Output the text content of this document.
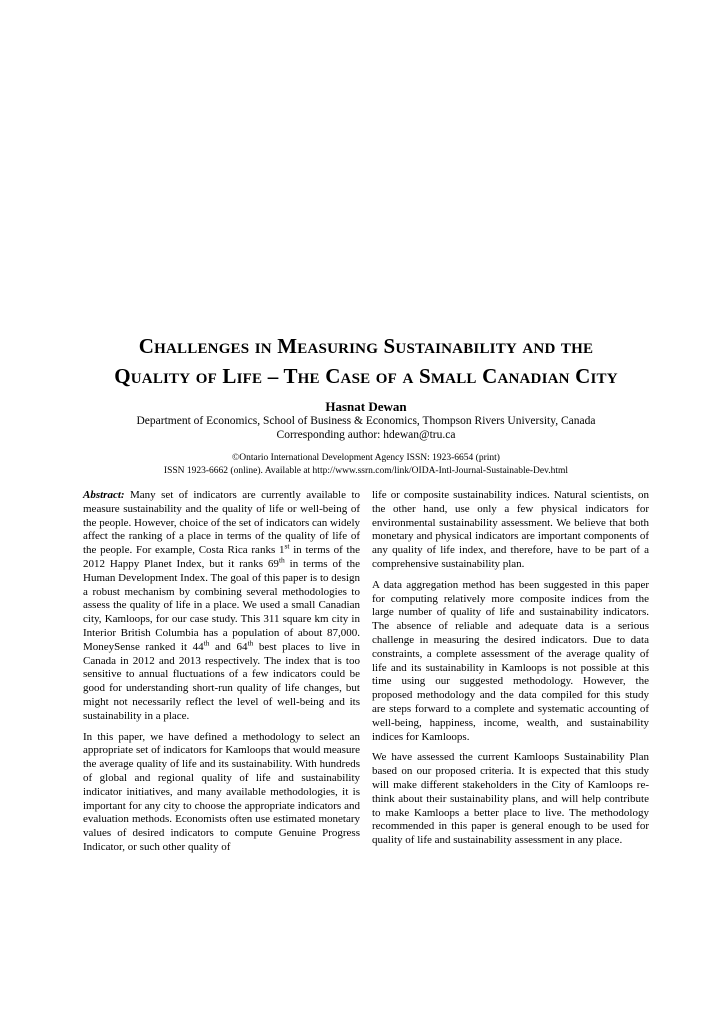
Challenges in Measuring Sustainability and the
Quality of Life – The Case of a Small Canadian City
Hasnat Dewan
Department of Economics, School of Business & Economics, Thompson Rivers University, Canada
Corresponding author: hdewan@tru.ca
©Ontario International Development Agency ISSN: 1923-6654 (print)
ISSN 1923-6662 (online). Available at http://www.ssrn.com/link/OIDA-Intl-Journal-Sustainable-Dev.html

Abstract: Many set of indicators are currently available to measure sustainability and the quality of life or well-being of the people. However, choice of the set of indicators can widely affect the ranking of a place in terms of the quality of life of the people. For example, Costa Rica ranks 1st in terms of the 2012 Happy Planet Index, but it ranks 69th in terms of the Human Development Index. The goal of this paper is to design a robust mechanism by combining several methodologies to assess the quality of life in a place. We used a small Canadian city, Kamloops, for our case study. This 311 square km city in Interior British Columbia has a population of about 87,000. MoneySense ranked it 44th and 64th best places to live in Canada in 2012 and 2013 respectively. The index that is too sensitive to annual fluctuations of a few indicators could be good for understanding short-run quality of life changes, but might not necessarily reflect the level of well-being and its sustainability in a place.

In this paper, we have defined a methodology to select an appropriate set of indicators for Kamloops that would measure the average quality of life and its sustainability. With hundreds of global and regional quality of life and sustainability indicator initiatives, and many available methodologies, it is important for any city to choose the appropriate indicators and evaluation methods. Economists often use estimated monetary values of desired indicators to compute Genuine Progress Indicator, or such other quality of

life or composite sustainability indices. Natural scientists, on the other hand, use only a few physical indicators for environmental sustainability assessment. We believe that both monetary and physical indicators are important components of any quality of life index, and therefore, have to be part of a comprehensive sustainability plan.

A data aggregation method has been suggested in this paper for computing relatively more composite indices from the large number of quality of life and sustainability indicators. The absence of reliable and adequate data is a serious challenge in measuring the desired indicators. Due to data constraints, a complete assessment of the average quality of life and its sustainability in Kamloops is not possible at this time using our suggested methodology. However, the proposed methodology and the data compiled for this study are steps forward to a complete and systematic accounting of well-being, happiness, income, wealth, and sustainability indices for Kamloops.

We have assessed the current Kamloops Sustainability Plan based on our proposed criteria. It is expected that this study will make different stakeholders in the City of Kamloops re-think about their sustainability plans, and will help contribute to make Kamloops a better place to live. The methodology recommended in this paper is general enough to be used for quality of life and sustainability assessment in any place.
